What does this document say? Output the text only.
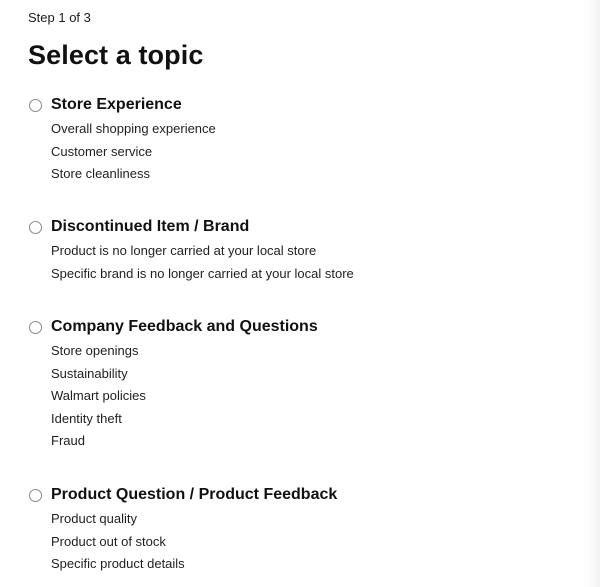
Step 1 of 3
Select a topic
Store Experience
Overall shopping experience
Customer service
Store cleanliness
Discontinued Item / Brand
Product is no longer carried at your local store
Specific brand is no longer carried at your local store
Company Feedback and Questions
Store openings
Sustainability
Walmart policies
Identity theft
Fraud
Product Question / Product Feedback
Product quality
Product out of stock
Specific product details
